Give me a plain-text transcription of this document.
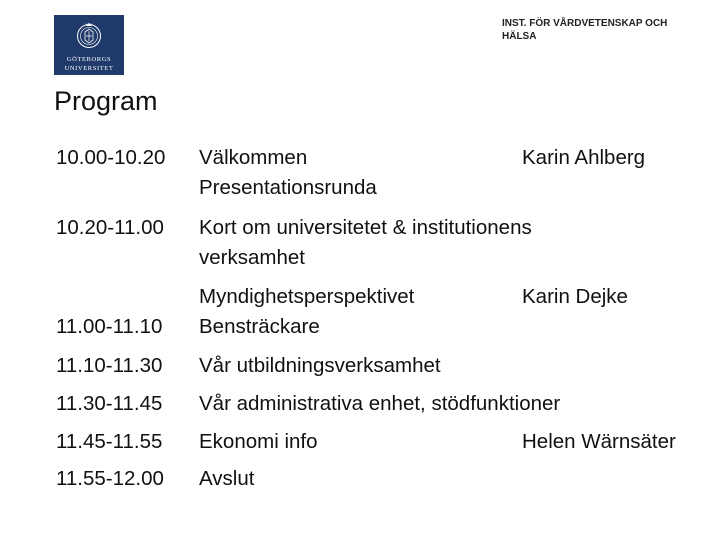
GÖTEBORGS
UNIVERSITET
INST. FÖR VÅRDVETENSKAP OCH HÄLSA
Program
10.00-10.20 Välkommen
Presentationsrunda
Karin Ahlberg
10.20-11.00 Kort om universitetet & institutionens
verksamhet
Myndighetsperspektivet	Karin Dejke
11.00-11.10 Bensträckare
11.10-11.30 Vår utbildningsverksamhet
11.30-11.45 Vår administrativa enhet, stödfunktioner
11.45-11.55 Ekonomi info	Helen Wärnsäter
11.55-12.00 Avslut
